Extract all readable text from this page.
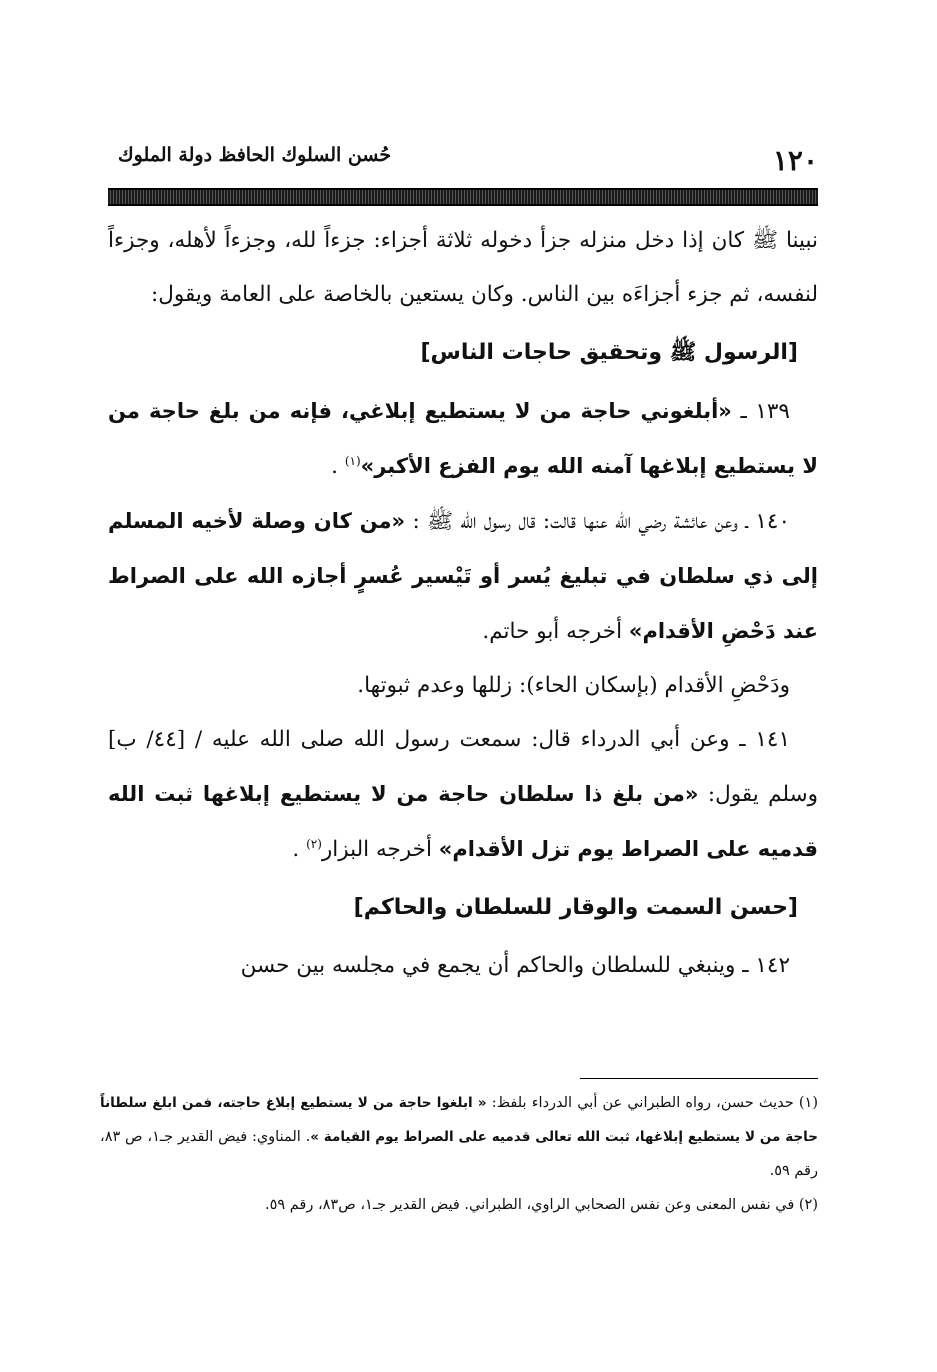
١٢٠
حُسن السلوك الحافظ دولة الملوك

نبينا ﷺ كان إذا دخل منزله جزأ دخوله ثلاثة أجزاء: جزءاً لله، وجزءاً لأهله، وجزءاً لنفسه، ثم جزء أجزاءَه بين الناس. وكان يستعين بالخاصة على العامة ويقول:

[الرسول ﷺ وتحقيق حاجات الناس]

١٣٩ ـ «أبلغوني حاجة من لا يستطيع إبلاغي، فإنه من بلغ حاجة من لا يستطيع إبلاغها آمنه الله يوم الفزع الأكبر»$^{(١)}$ .

١٤٠ ـ وعن عائشة رضي الله عنها قالت: قال رسول الله ﷺ : «من كان وصلة لأخيه المسلم إلى ذي سلطان في تبليغ يُسر أو تَيْسير عُسرٍ أجازه الله على الصراط عند دَحْضِ الأقدام» أخرجه أبو حاتم.

ودَحْضِ الأقدام (بإسكان الحاء): زللها وعدم ثبوتها.

١٤١ ـ وعن أبي الدرداء قال: سمعت رسول الله صلى الله عليه / [٤٤/ ب] وسلم يقول: «من بلغ ذا سلطان حاجة من لا يستطيع إبلاغها ثبت الله قدميه على الصراط يوم تزل الأقدام» أخرجه البزار$^{(٢)}$ .

[حسن السمت والوقار للسلطان والحاكم]

١٤٢ ـ وينبغي للسلطان والحاكم أن يجمع في مجلسه بين حسن

(١) حديث حسن، رواه الطبراني عن أبي الدرداء بلفظ: « ابلغوا حاجة من لا يستطيع إبلاغ حاجته، فمن ابلغ سلطاناً حاجة من لا يستطيع إبلاغها، ثبت الله تعالى قدميه على الصراط يوم القيامة ». المناوي: فيض القدير جـ١، ص ٨٣، رقم ٥٩.

(٢) في نفس المعنى وعن نفس الصحابي الراوي، الطبراني. فيض القدير جـ١، ص٨٣، رقم ٥٩.
